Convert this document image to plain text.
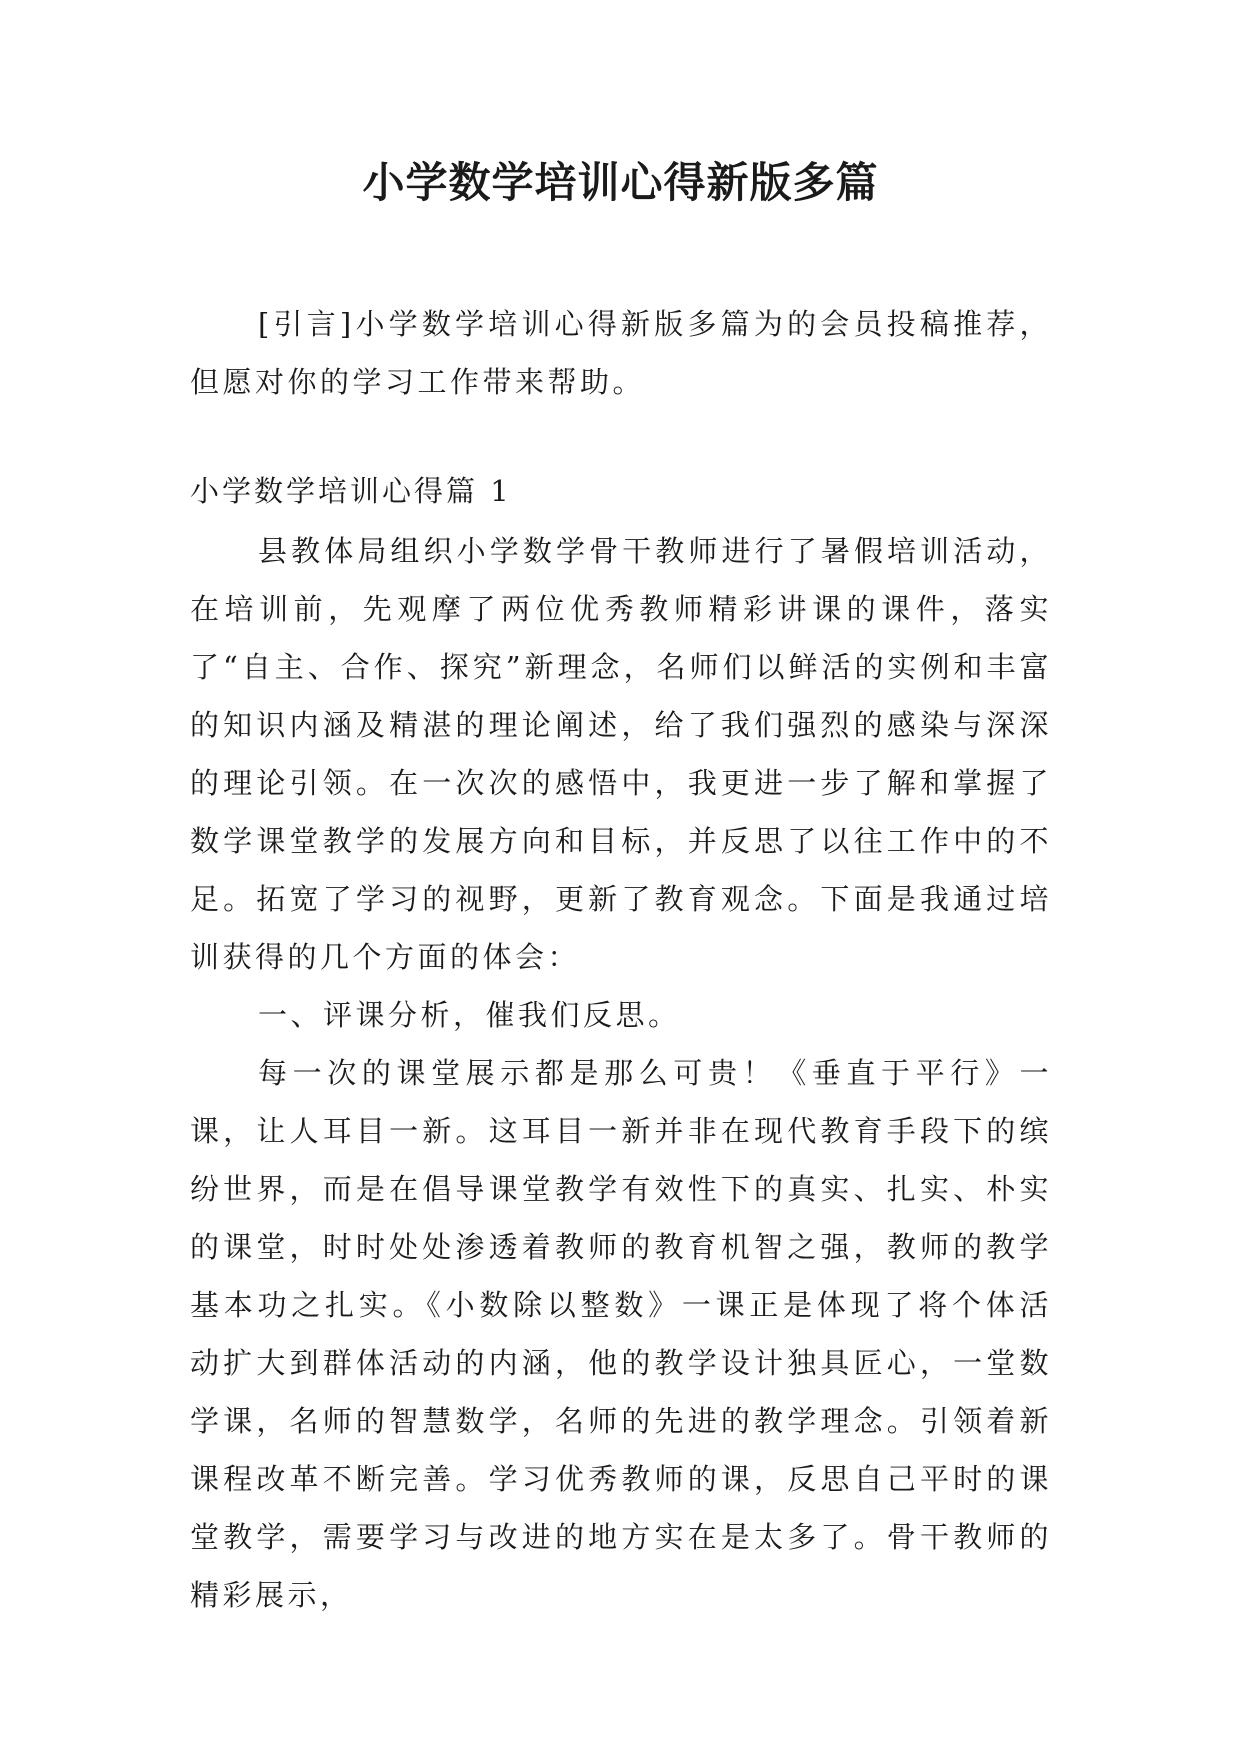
小学数学培训心得新版多篇

[引言]小学数学培训心得新版多篇为的会员投稿推荐，但愿对你的学习工作带来帮助。

小学数学培训心得篇 1

县教体局组织小学数学骨干教师进行了暑假培训活动，在培训前，先观摩了两位优秀教师精彩讲课的课件，落实了“自主、合作、探究”新理念，名师们以鲜活的实例和丰富的知识内涵及精湛的理论阐述，给了我们强烈的感染与深深的理论引领。在一次次的感悟中，我更进一步了解和掌握了数学课堂教学的发展方向和目标，并反思了以往工作中的不足。拓宽了学习的视野，更新了教育观念。下面是我通过培训获得的几个方面的体会：

一、评课分析，催我们反思。

每一次的课堂展示都是那么可贵！《垂直于平行》一课，让人耳目一新。这耳目一新并非在现代教育手段下的缤纷世界，而是在倡导课堂教学有效性下的真实、扎实、朴实的课堂，时时处处渗透着教师的教育机智之强，教师的教学基本功之扎实。《小数除以整数》一课正是体现了将个体活动扩大到群体活动的内涵，他的教学设计独具匠心，一堂数学课，名师的智慧数学，名师的先进的教学理念。引领着新课程改革不断完善。学习优秀教师的课，反思自己平时的课堂教学，需要学习与改进的地方实在是太多了。骨干教师的精彩展示，
